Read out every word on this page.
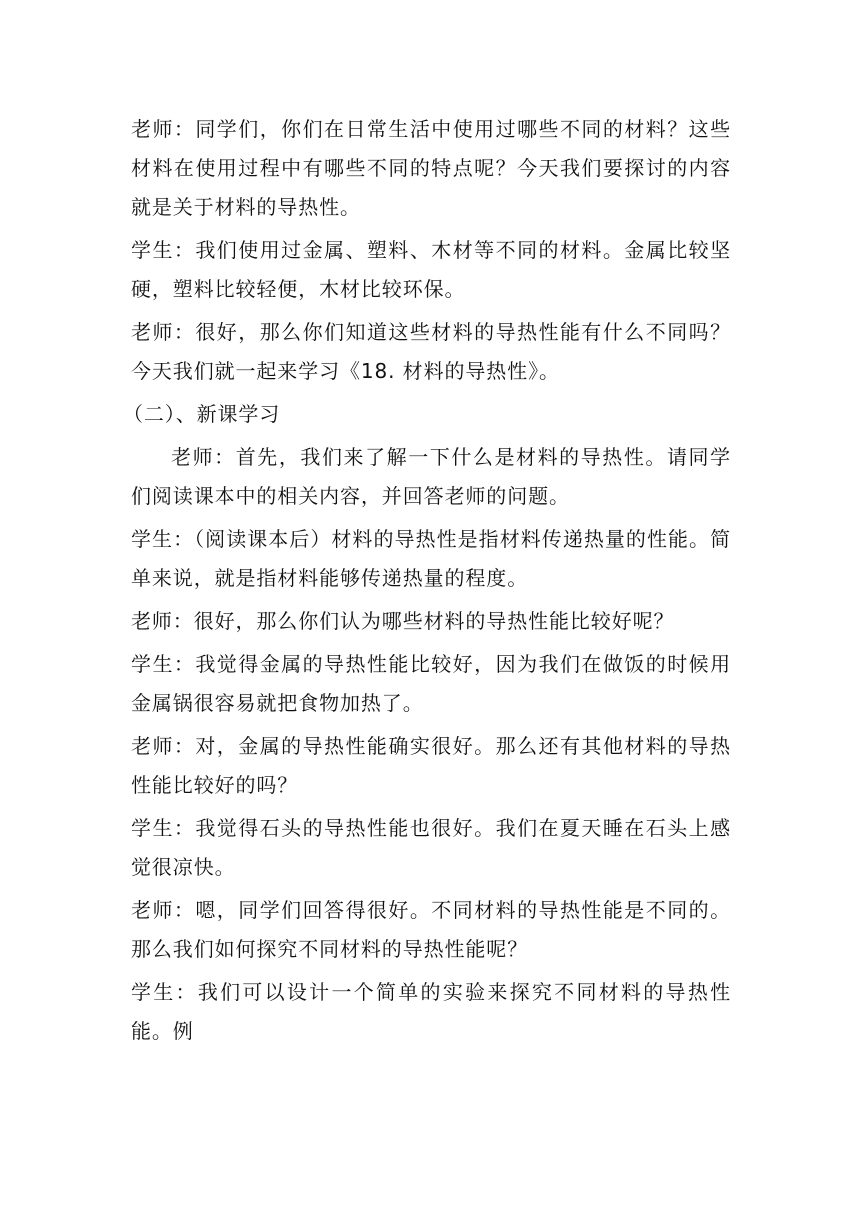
老师：同学们，你们在日常生活中使用过哪些不同的材料？这些材料在使用过程中有哪些不同的特点呢？今天我们要探讨的内容就是关于材料的导热性。

学生：我们使用过金属、塑料、木材等不同的材料。金属比较坚硬，塑料比较轻便，木材比较环保。

老师：很好，那么你们知道这些材料的导热性能有什么不同吗？今天我们就一起来学习《18. 材料的导热性》。

（二）、新课学习

老师：首先，我们来了解一下什么是材料的导热性。请同学们阅读课本中的相关内容，并回答老师的问题。

学生：（阅读课本后）材料的导热性是指材料传递热量的性能。简单来说，就是指材料能够传递热量的程度。

老师：很好，那么你们认为哪些材料的导热性能比较好呢？

学生：我觉得金属的导热性能比较好，因为我们在做饭的时候用金属锅很容易就把食物加热了。

老师：对，金属的导热性能确实很好。那么还有其他材料的导热性能比较好的吗？

学生：我觉得石头的导热性能也很好。我们在夏天睡在石头上感觉很凉快。

老师：嗯，同学们回答得很好。不同材料的导热性能是不同的。那么我们如何探究不同材料的导热性能呢？

学生：我们可以设计一个简单的实验来探究不同材料的导热性能。例
